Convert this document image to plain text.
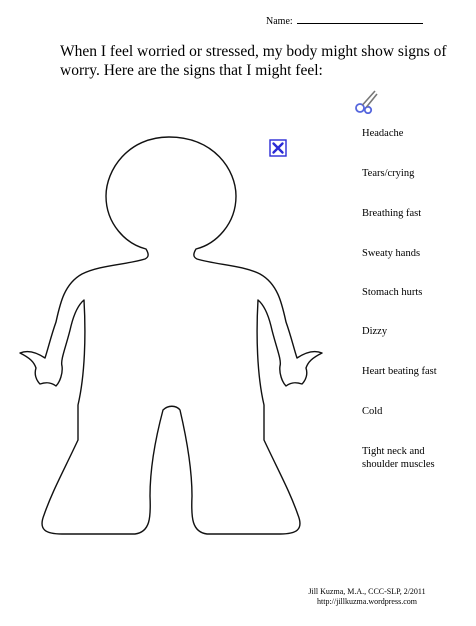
Name:
When I feel worried or stressed, my body might show signs of worry. Here are the signs that I might feel:
Headache
Tears/crying
Breathing fast
Sweaty hands
Stomach hurts
Dizzy
Heart beating fast
Cold
Tight neck and shoulder muscles
Jill Kuzma, M.A., CCC-SLP, 2/2011
http://jillkuzma.wordpress.com
